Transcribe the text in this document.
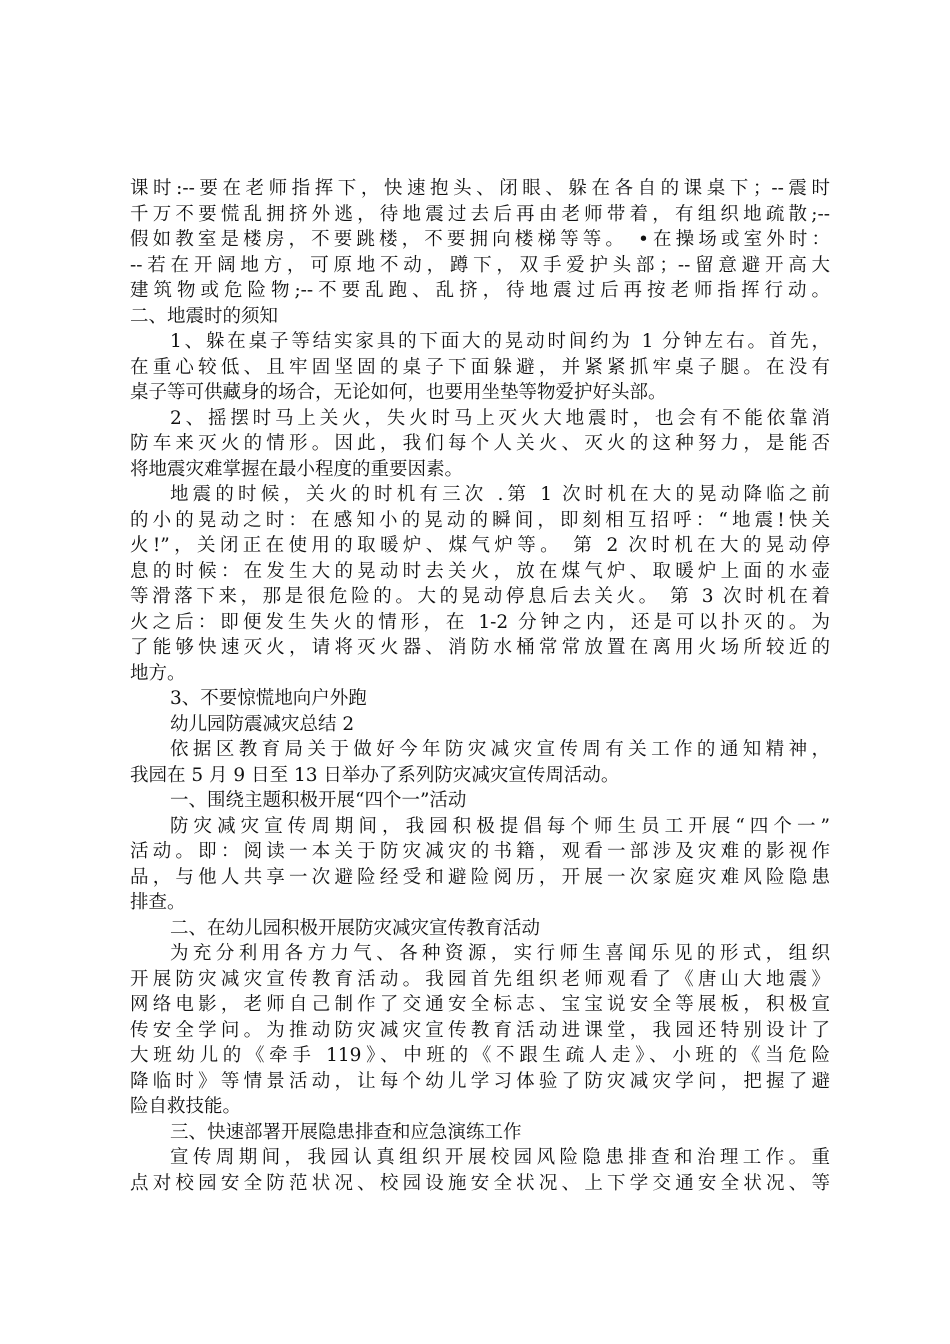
课时:--要在老师指挥下，快速抱头、闭眼、躲在各自的课桌下；--震时
千万不要慌乱拥挤外逃，待地震过去后再由老师带着，有组织地疏散;--
假如教室是楼房，不要跳楼，不要拥向楼梯等等。 •在操场或室外时：
--若在开阔地方，可原地不动，蹲下，双手爱护头部；--留意避开高大
建筑物或危险物;--不要乱跑、乱挤，待地震过后再按老师指挥行动。
二、地震时的须知
1、躲在桌子等结实家具的下面大的晃动时间约为 1 分钟左右。首先，
在重心较低、且牢固坚固的桌子下面躲避，并紧紧抓牢桌子腿。在没有
桌子等可供藏身的场合，无论如何，也要用坐垫等物爱护好头部。
2、摇摆时马上关火，失火时马上灭火大地震时，也会有不能依靠消
防车来灭火的情形。因此，我们每个人关火、灭火的这种努力，是能否
将地震灾难掌握在最小程度的重要因素。
地震的时候，关火的时机有三次 .第 1 次时机在大的晃动降临之前
的小的晃动之时：在感知小的晃动的瞬间，即刻相互招呼：“地震!快关
火!”，关闭正在使用的取暖炉、煤气炉等。 第 2 次时机在大的晃动停
息的时候：在发生大的晃动时去关火，放在煤气炉、取暖炉上面的水壶
等滑落下来，那是很危险的。大的晃动停息后去关火。 第 3 次时机在着
火之后：即便发生失火的情形，在 1-2 分钟之内，还是可以扑灭的。为
了能够快速灭火，请将灭火器、消防水桶常常放置在离用火场所较近的
地方。
3、不要惊慌地向户外跑
幼儿园防震减灾总结 2
依据区教育局关于做好今年防灾减灾宣传周有关工作的通知精神，
我园在 5 月 9 日至 13 日举办了系列防灾减灾宣传周活动。
一、围绕主题积极开展“四个一”活动
防灾减灾宣传周期间，我园积极提倡每个师生员工开展“四个一”
活动。即：阅读一本关于防灾减灾的书籍，观看一部涉及灾难的影视作
品，与他人共享一次避险经受和避险阅历，开展一次家庭灾难风险隐患
排查。
二、在幼儿园积极开展防灾减灾宣传教育活动
为充分利用各方力气、各种资源，实行师生喜闻乐见的形式，组织
开展防灾减灾宣传教育活动。我园首先组织老师观看了《唐山大地震》
网络电影，老师自己制作了交通安全标志、宝宝说安全等展板，积极宣
传安全学问。为推动防灾减灾宣传教育活动进课堂，我园还特别设计了
大班幼儿的《牵手 119》、中班的《不跟生疏人走》、小班的《当危险
降临时》等情景活动，让每个幼儿学习体验了防灾减灾学问，把握了避
险自救技能。
三、快速部署开展隐患排查和应急演练工作
宣传周期间，我园认真组织开展校园风险隐患排查和治理工作。重
点对校园安全防范状况、校园设施安全状况、上下学交通安全状况、等
